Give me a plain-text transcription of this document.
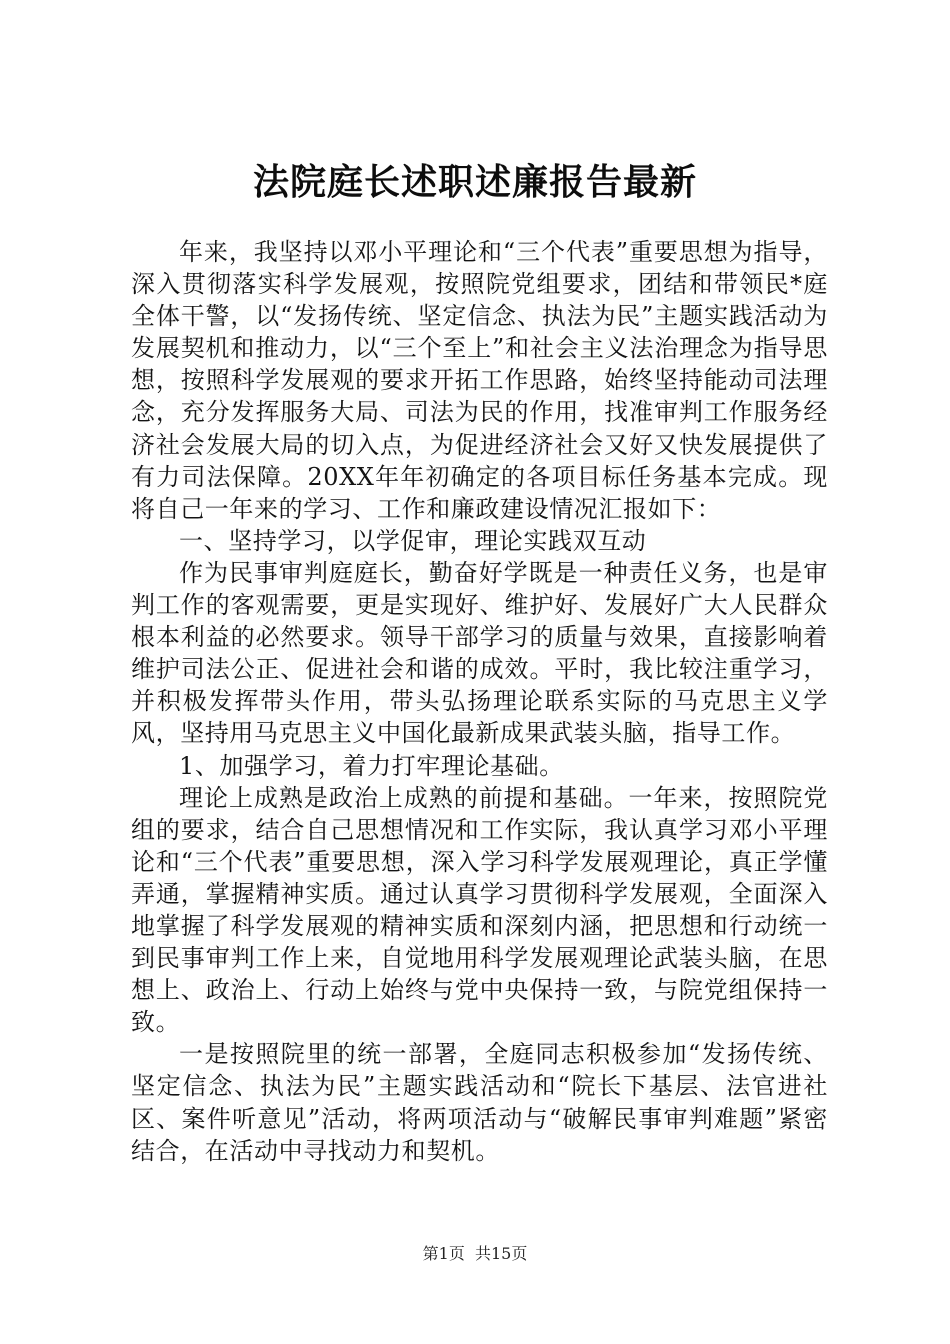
法院庭长述职述廉报告最新

年来，我坚持以邓小平理论和“三个代表”重要思想为指导，深入贯彻落实科学发展观，按照院党组要求，团结和带领民*庭全体干警，以“发扬传统、坚定信念、执法为民”主题实践活动为发展契机和推动力，以“三个至上”和社会主义法治理念为指导思想，按照科学发展观的要求开拓工作思路，始终坚持能动司法理念，充分发挥服务大局、司法为民的作用，找准审判工作服务经济社会发展大局的切入点，为促进经济社会又好又快发展提供了有力司法保障。20XX年年初确定的各项目标任务基本完成。现将自己一年来的学习、工作和廉政建设情况汇报如下：

一、坚持学习，以学促审，理论实践双互动

作为民事审判庭庭长，勤奋好学既是一种责任义务，也是审判工作的客观需要，更是实现好、维护好、发展好广大人民群众根本利益的必然要求。领导干部学习的质量与效果，直接影响着维护司法公正、促进社会和谐的成效。平时，我比较注重学习，并积极发挥带头作用，带头弘扬理论联系实际的马克思主义学风，坚持用马克思主义中国化最新成果武装头脑，指导工作。

1、加强学习，着力打牢理论基础。

理论上成熟是政治上成熟的前提和基础。一年来，按照院党组的要求，结合自己思想情况和工作实际，我认真学习邓小平理论和“三个代表”重要思想，深入学习科学发展观理论，真正学懂弄通，掌握精神实质。通过认真学习贯彻科学发展观，全面深入地掌握了科学发展观的精神实质和深刻内涵，把思想和行动统一到民事审判工作上来，自觉地用科学发展观理论武装头脑，在思想上、政治上、行动上始终与党中央保持一致，与院党组保持一致。

一是按照院里的统一部署，全庭同志积极参加“发扬传统、坚定信念、执法为民”主题实践活动和“院长下基层、法官进社区、案件听意见”活动，将两项活动与“破解民事审判难题”紧密结合，在活动中寻找动力和契机。

第1页  共15页
